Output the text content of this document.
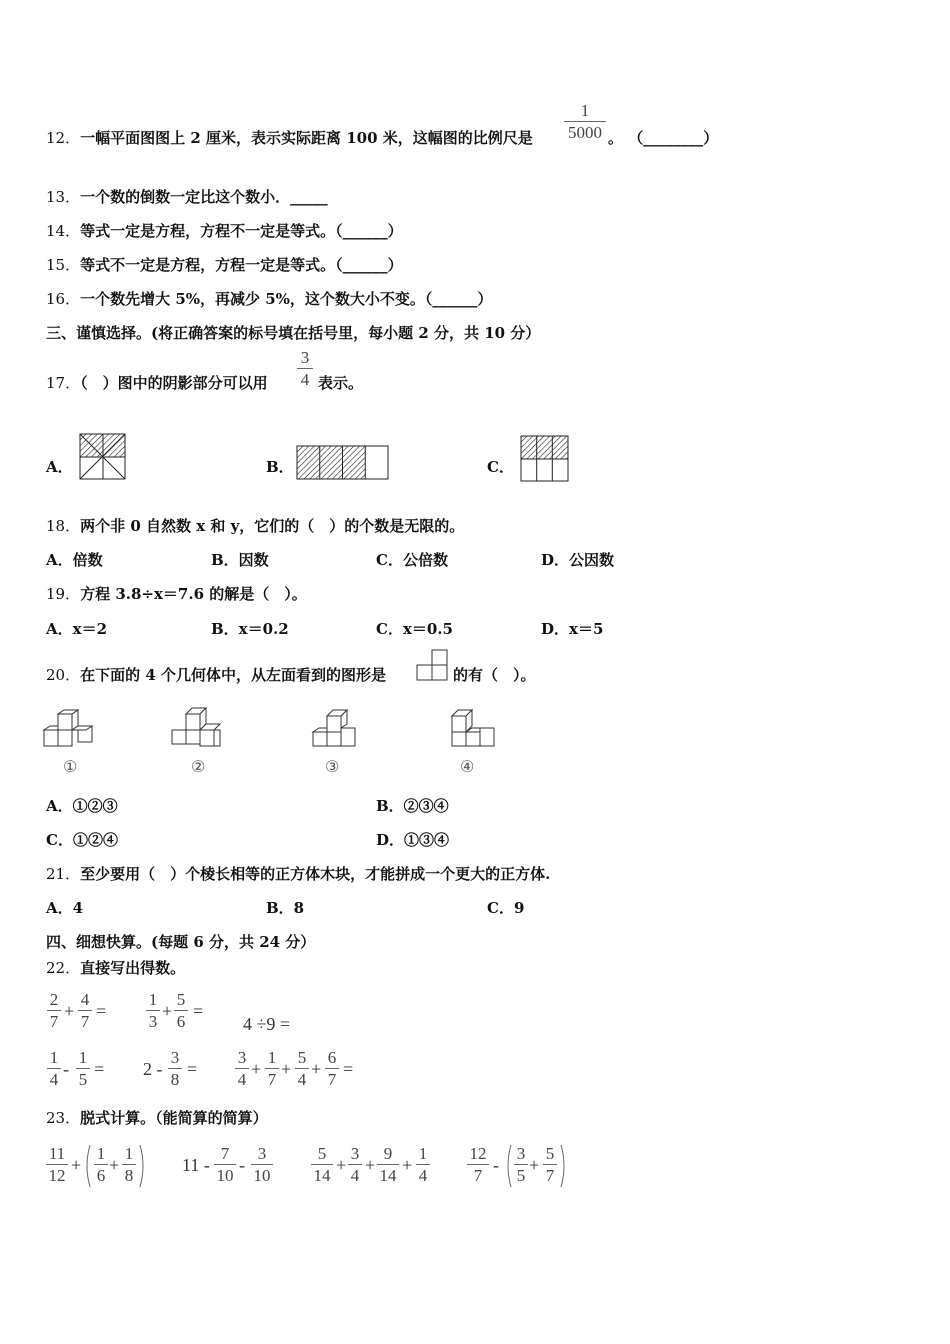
12．一幅平面图图上 2 厘米，表示实际距离 100 米，这幅图的比例尺是
1
5000 。 （________）
13．一个数的倒数一定比这个数小．_____
14．等式一定是方程，方程不一定是等式。（______）
15．等式不一定是方程，方程一定是等式。（______）
16．一个数先增大 5%，再减少 5%，这个数大小不变。（______）
三、谨慎选择。(将正确答案的标号填在括号里，每小题 2 分，共 10 分）
17．（　）图中的阴影部分可以用
3
4 表示。
A．	B．	C．
18．两个非 0 自然数 x 和 y，它们的（　）的个数是无限的。
A．倍数	B．因数	C．公倍数	D．公因数
19．方程 3.8÷x＝7.6 的解是（　）。
A．x＝2	B．x＝0.2	C．x＝0.5	D．x＝5
20．在下面的 4 个几何体中，从左面看到的图形是	的有（　）。
①	②	③	④
A．①②③	B．②③④
C．①②④	D．①③④
21．至少要用（　）个棱长相等的正方体木块，才能拼成一个更大的正方体.
A．4	B．8	C．9
四、细想快算。(每题 6 分，共 24 分）
22．直接写出得数。
2
7
+
4
7
=
1
3
+
5
6
=
4 ÷9 =
1
4
-
1
5
= 2 -
3
8
=
3
4
+
1
7
+
5
4
+
6
7
=
23．脱式计算。（能简算的简算）
11
12
+
1
6
+
1
8
11 -
7
10
-
3
10
5
14
+
3
4
+
9
14
+
1
4
12
7
-
3
5
+
5
7
